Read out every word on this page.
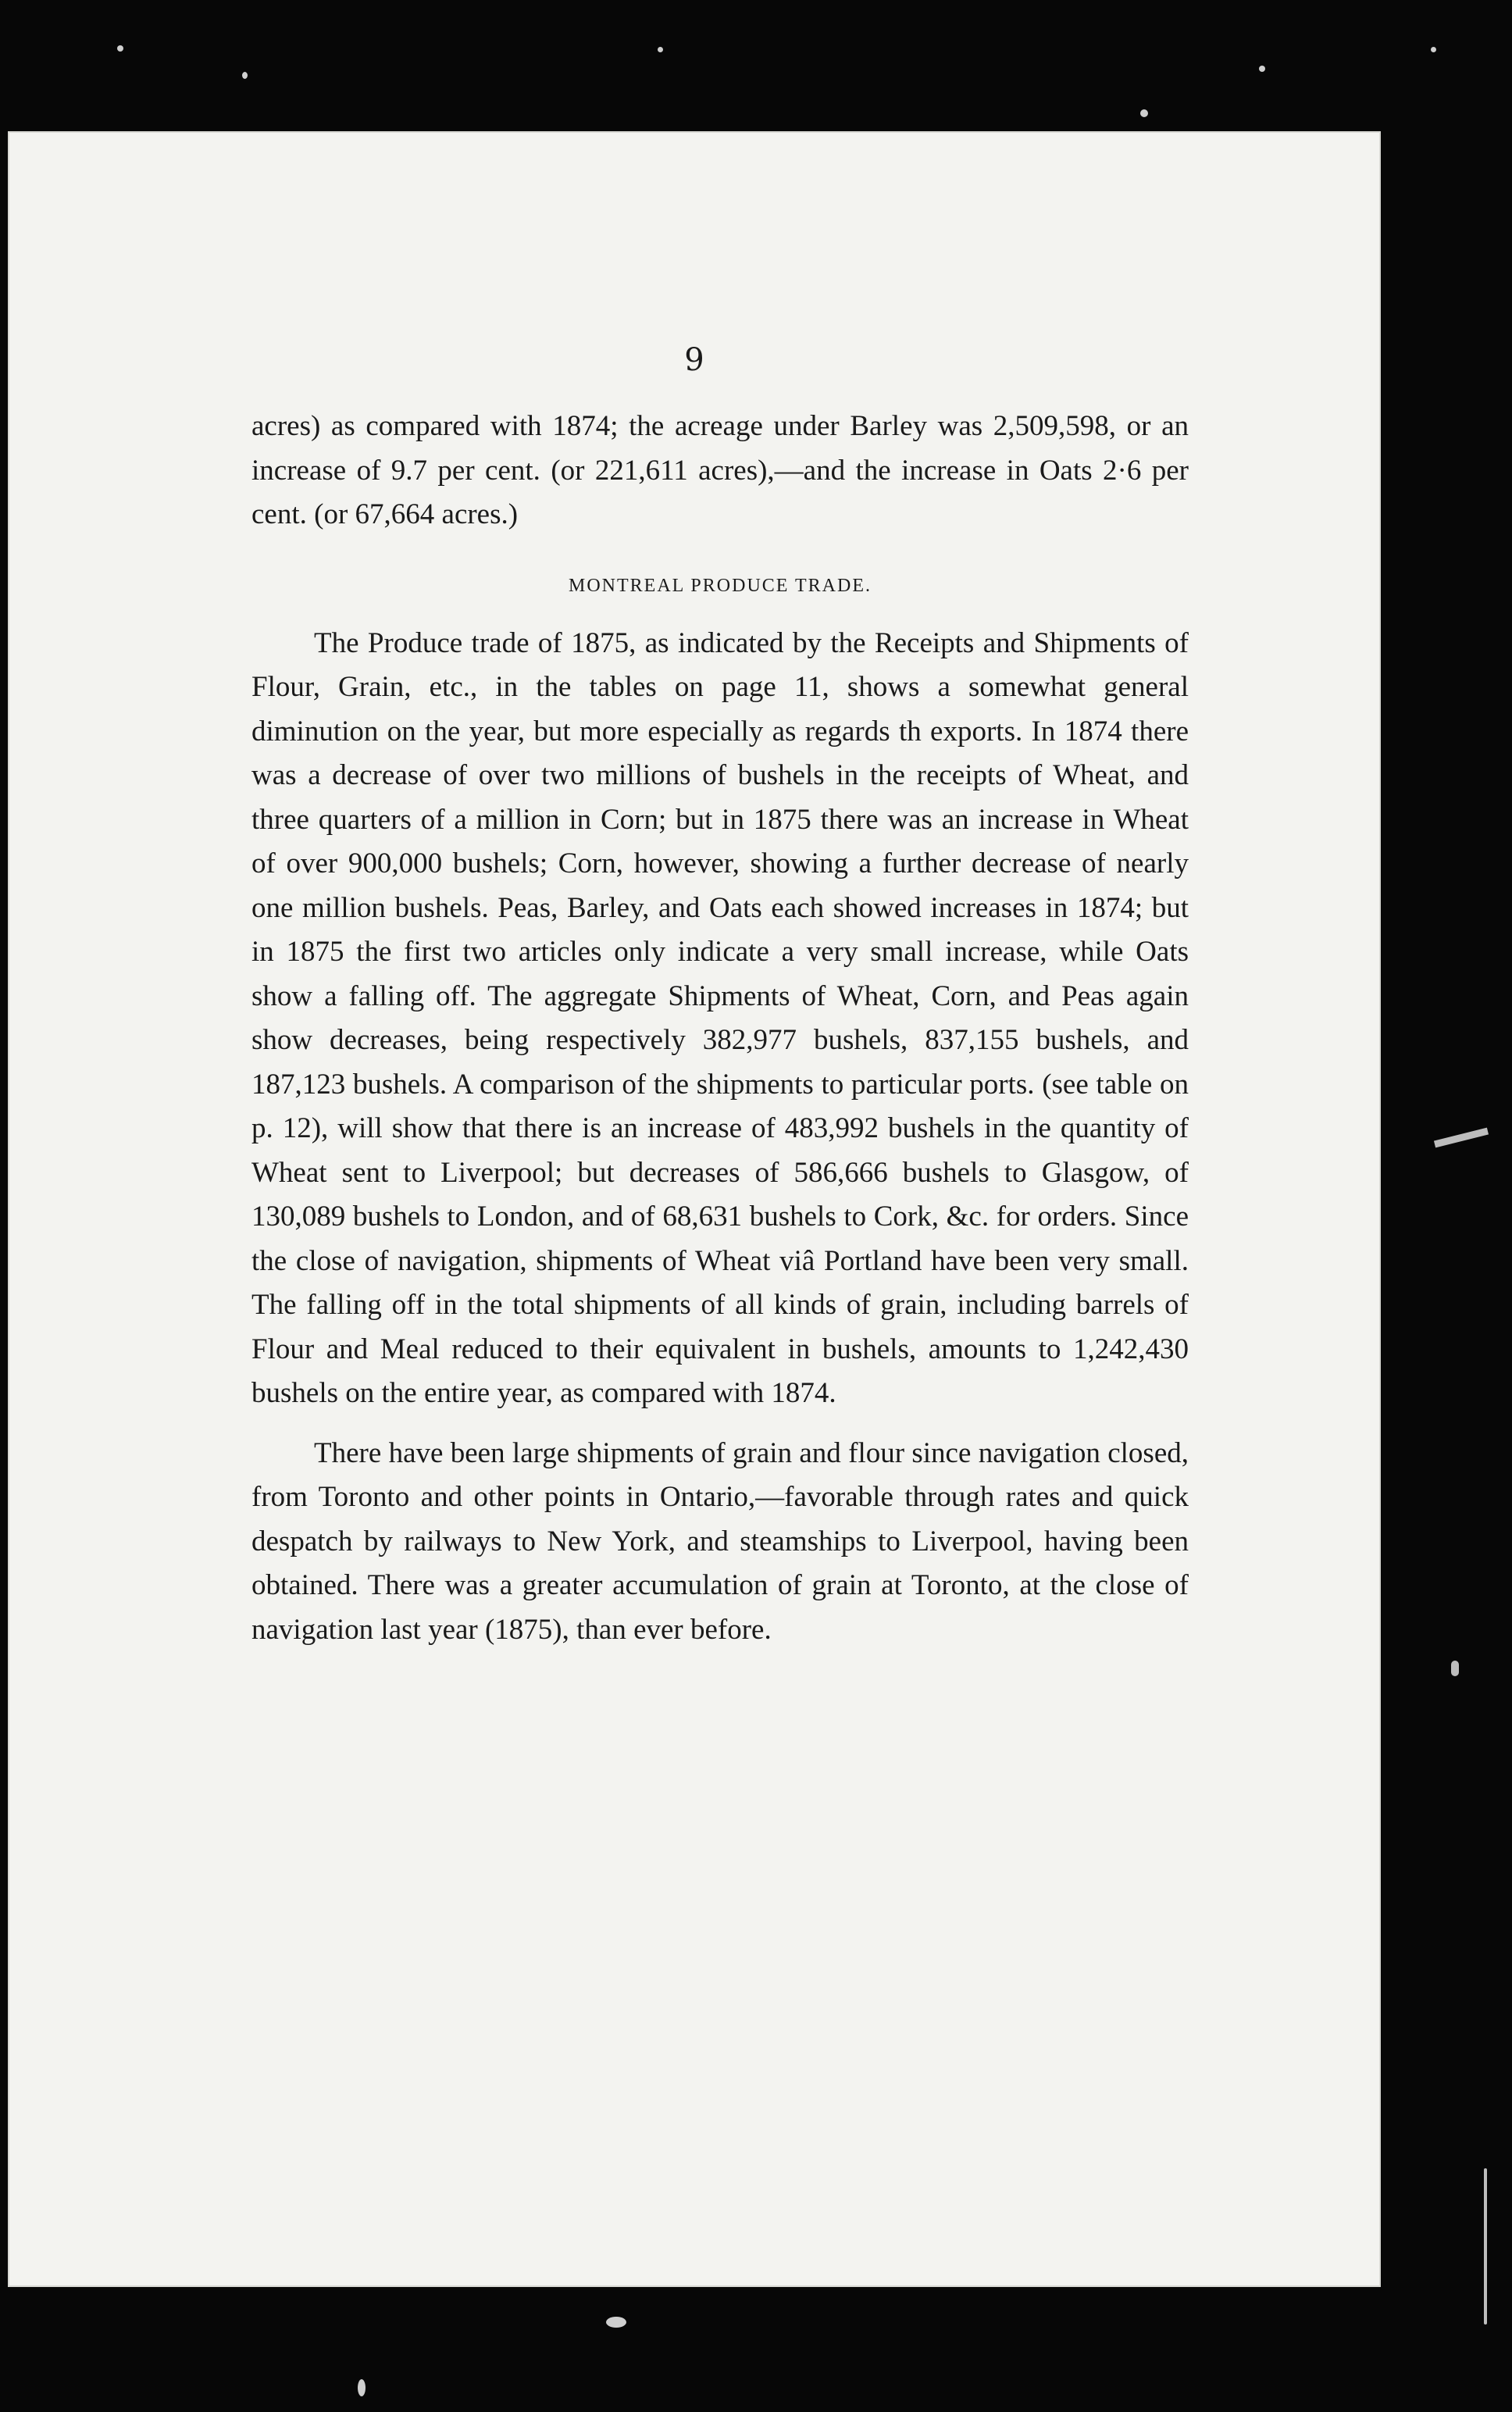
9

acres) as compared with 1874; the acreage under Barley was 2,509,598, or an increase of 9.7 per cent. (or 221,611 acres),—and the increase in Oats 2·6 per cent. (or 67,664 acres.)

MONTREAL PRODUCE TRADE.

The Produce trade of 1875, as indicated by the Receipts and Shipments of Flour, Grain, etc., in the tables on page 11, shows a somewhat general diminution on the year, but more especially as regards th exports. In 1874 there was a decrease of over two millions of bushels in the receipts of Wheat, and three quarters of a million in Corn; but in 1875 there was an increase in Wheat of over 900,000 bushels; Corn, however, showing a further decrease of nearly one million bushels. Peas, Barley, and Oats each showed increases in 1874; but in 1875 the first two articles only indicate a very small increase, while Oats show a falling off. The aggregate Shipments of Wheat, Corn, and Peas again show decreases, being respectively 382,977 bushels, 837,155 bushels, and 187,123 bushels. A comparison of the shipments to particular ports. (see table on p. 12), will show that there is an increase of 483,992 bushels in the quantity of Wheat sent to Liverpool; but decreases of 586,666 bushels to Glasgow, of 130,089 bushels to London, and of 68,631 bushels to Cork, &c. for orders. Since the close of navigation, shipments of Wheat viâ Portland have been very small. The falling off in the total shipments of all kinds of grain, including barrels of Flour and Meal reduced to their equivalent in bushels, amounts to 1,242,430 bushels on the entire year, as compared with 1874.

There have been large shipments of grain and flour since navigation closed, from Toronto and other points in Ontario,—favorable through rates and quick despatch by railways to New York, and steamships to Liverpool, having been obtained. There was a greater accumulation of grain at Toronto, at the close of navigation last year (1875), than ever before.
